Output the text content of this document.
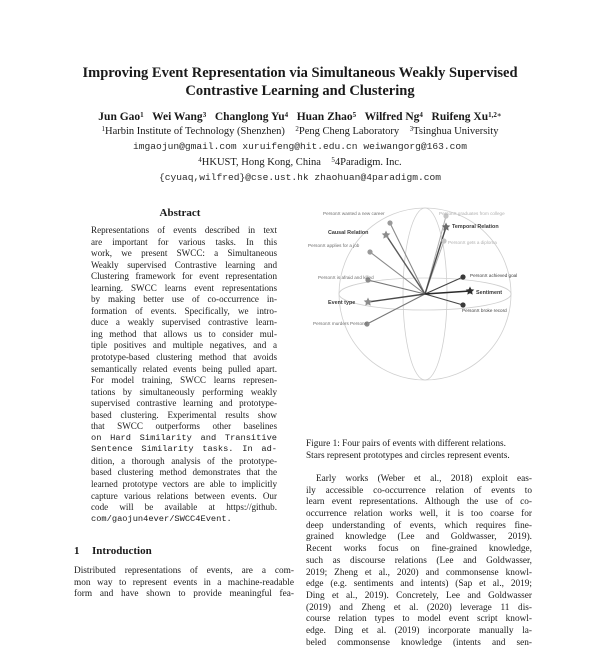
Improving Event Representation via Simultaneous Weakly Supervised
Contrastive Learning and Clustering
Jun Gao$^1$ Wei Wang$^3$ Changlong Yu$^4$ Huan Zhao$^5$ Wilfred Ng$^4$ Ruifeng $Xu^{1,2∗}$
$^1$Harbin Institute of Technology (Shenzhen) $^2$Peng Cheng Laboratory $^3$Tsinghua University
imgaojun@gmail.com xuruifeng@hit.edu.cn weiwangorg@163.com
$^4$HKUST, Hong Kong, China $^5$4Paradigm. Inc.
{cyuaq,wilfred}@cse.ust.hk zhaohuan@4paradigm.com
Abstract
Representations of events described in text
are important for various tasks. In this
work, we present SWCC: a Simultaneous
Weakly supervised Contrastive learning and
Clustering framework for event representation
learning. SWCC learns event representations
by making better use of co-occurrence in-
formation of events. Specifically, we intro-
duce a weakly supervised contrastive learn-
ing method that allows us to consider mul-
tiple positives and multiple negatives, and a
prototype-based clustering method that avoids
semantically related events being pulled apart.
For model training, SWCC learns represen-
tations by simultaneously performing weakly
supervised contrastive learning and prototype-
based clustering. Experimental results show
that SWCC outperforms other baselines
on Hard Similarity and Transitive
Sentence Similarity tasks. In ad-
dition, a thorough analysis of the prototype-
based clustering method demonstrates that the
learned prototype vectors are able to implicitly
capture various relations between events. Our
code will be available at https://github.
com/gaojun4ever/SWCC4Event.
1 Introduction
Distributed representations of events, are a com-
mon way to represent events in a machine-readable
form and have shown to provide meaningful fea-
PersonX wanted a new career
PersonX applies for a job
PersonX graduates from college
PersonX gets a diploma
PersonX is afraid and killed
PersonX murders PersonY
PersonX achieved goal
PersonX broke record
Causal Relation
Temporal Relation
Event type
Sentiment
Figure 1: Four pairs of events with different relations.
Stars represent prototypes and circles represent events.
Early works (Weber et al., 2018) exploit eas-
ily accessible co-occurrence relation of events to
learn event representations. Although the use of co-
occurrence relation works well, it is too coarse for
deep understanding of events, which requires fine-
grained knowledge (Lee and Goldwasser, 2019).
Recent works focus on fine-grained knowledge,
such as discourse relations (Lee and Goldwasser,
2019; Zheng et al., 2020) and commonsense knowl-
edge (e.g. sentiments and intents) (Sap et al., 2019;
Ding et al., 2019). Concretely, Lee and Goldwasser
(2019) and Zheng et al. (2020) leverage 11 dis-
course relation types to model event script knowl-
edge. Ding et al. (2019) incorporate manually la-
beled commonsense knowledge (intents and sen-
